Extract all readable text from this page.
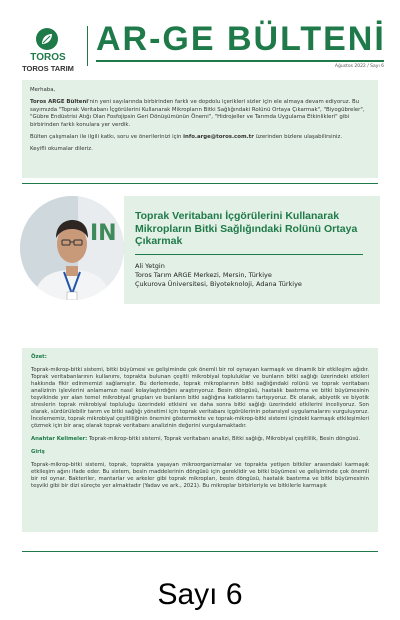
TOROS
TOROS TARIM
AR-GE BÜLTENİ
Ağustos 2022 / Sayı 6

Merhaba,

Toros ARGE Bülteni'nin yeni sayılarında birbirinden farklı ve dopdolu içerikleri sizler için ele almaya devam ediyoruz. Bu sayımızda "Toprak Veritabanı İçgörülerini Kullanarak Mikropların Bitki Sağlığındaki Rolünü Ortaya Çıkarmak", "Biyogübreler", "Gübre Endüstrisi Atığı Olan Fosfojipsin Geri Dönüşümünün Önemi", "Hidrojeller ve Tarımda Uygulama Etkinlikleri" gibi birbirinden farklı konulara yer verdik.

Bülten çalışmaları ile ilgili katkı, soru ve önerilerinizi için info.arge@toros.com.tr üzerinden bizlere ulaşabilirsiniz.

Keyifli okumalar dileriz.

IN
Toprak Veritabanı İçgörülerini Kullanarak Mikropların Bitki Sağlığındaki Rolünü Ortaya Çıkarmak
Ali Yetgin
Toros Tarım ARGE Merkezi, Mersin, Türkiye
Çukurova Üniversitesi, Biyoteknoloji, Adana Türkiye

Özet:

Toprak-mikrop-bitki sistemi, bitki büyümesi ve gelişiminde çok önemli bir rol oynayan karmaşık ve dinamik bir etkileşim ağıdır. Toprak veritabanlarının kullanımı, toprakta bulunan çeşitli mikrobiyal topluluklar ve bunların bitki sağlığı üzerindeki etkileri hakkında fikir edinmemizi sağlamıştır. Bu derlemede, toprak mikroplarının bitki sağlığındaki rolünü ve toprak veritabanı analizinin işlevlerini anlamamızı nasıl kolaylaştırdığını araştırıyoruz. Besin döngüsü, hastalık bastırma ve bitki büyümesinin teşvikinde yer alan temel mikrobiyal grupları ve bunların bitki sağlığına katkılarını tartışıyoruz. Ek olarak, abiyotik ve biyotik streslerin toprak mikrobiyal topluluğu üzerindeki etkisini ve daha sonra bitki sağlığı üzerindeki etkilerini inceliyoruz. Son olarak, sürdürülebilir tarım ve bitki sağlığı yönetimi için toprak veritabanı içgörülerinin potansiyel uygulamalarını vurguluyoruz. İncelememiz, toprak mikrobiyal çeşitliliğinin önemini göstermekte ve toprak-mikrop-bitki sistemi içindeki karmaşık etkileşimleri çözmek için bir araç olarak toprak veritabanı analizinin değerini vurgulamaktadır.

Anahtar Kelimeler: Toprak-mikrop-bitki sistemi, Toprak veritabanı analizi, Bitki sağlığı, Mikrobiyal çeşitlilik, Besin döngüsü.

Giriş

Toprak-mikrop-bitki sistemi, toprak, toprakta yaşayan mikroorganizmalar ve toprakta yetişen bitkiler arasındaki karmaşık etkileşim ağını ifade eder. Bu sistem, besin maddelerinin döngüsü için gereklidir ve bitki büyümesi ve gelişiminde çok önemli bir rol oynar. Bakteriler, mantarlar ve arkeler gibi toprak mikropları, besin döngüsü, hastalık bastırma ve bitki büyümesinin teşviki gibi bir dizi süreçte yer almaktadır (Yadav ve ark., 2021). Bu mikroplar birbirleriyle ve bitkilerle karmaşık

Sayı 6
